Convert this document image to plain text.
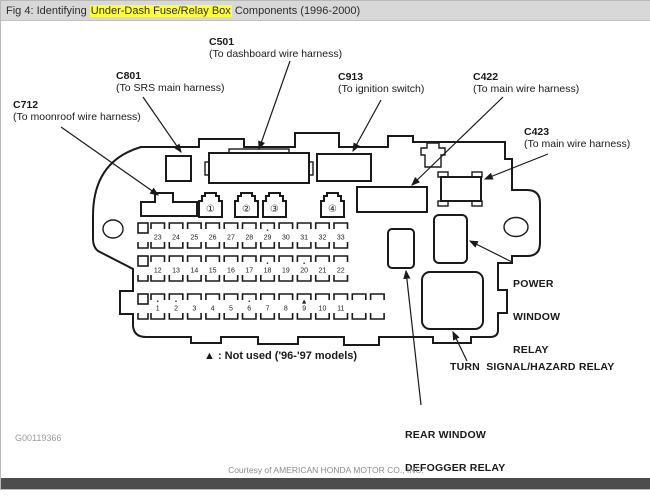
Fig 4: Identifying Under-Dash Fuse/Relay Box Components (1996-2000)
①	② ③	④
23 24 25 26 27 28 29
•
30 31 32 33
12 13 14 15 16 17 18
•
19 20
•
21 22
1
•
2
•
3 4 5 6
•
7 8 9
▲
10 11
C712
(To moonroof wire harness)
C801
(To SRS main harness)
C501
(To dashboard wire harness)
C913
(To ignition switch)
C422
(To main wire harness)
C423
(To main wire harness)

POWER

WINDOW

RELAY

TURN  SIGNAL/HAZARD RELAY

REAR WINDOW

DEFOGGER RELAY

▲ : Not used ('96-'97 models)
G00119366
Courtesy of AMERICAN HONDA MOTOR CO., INC.
